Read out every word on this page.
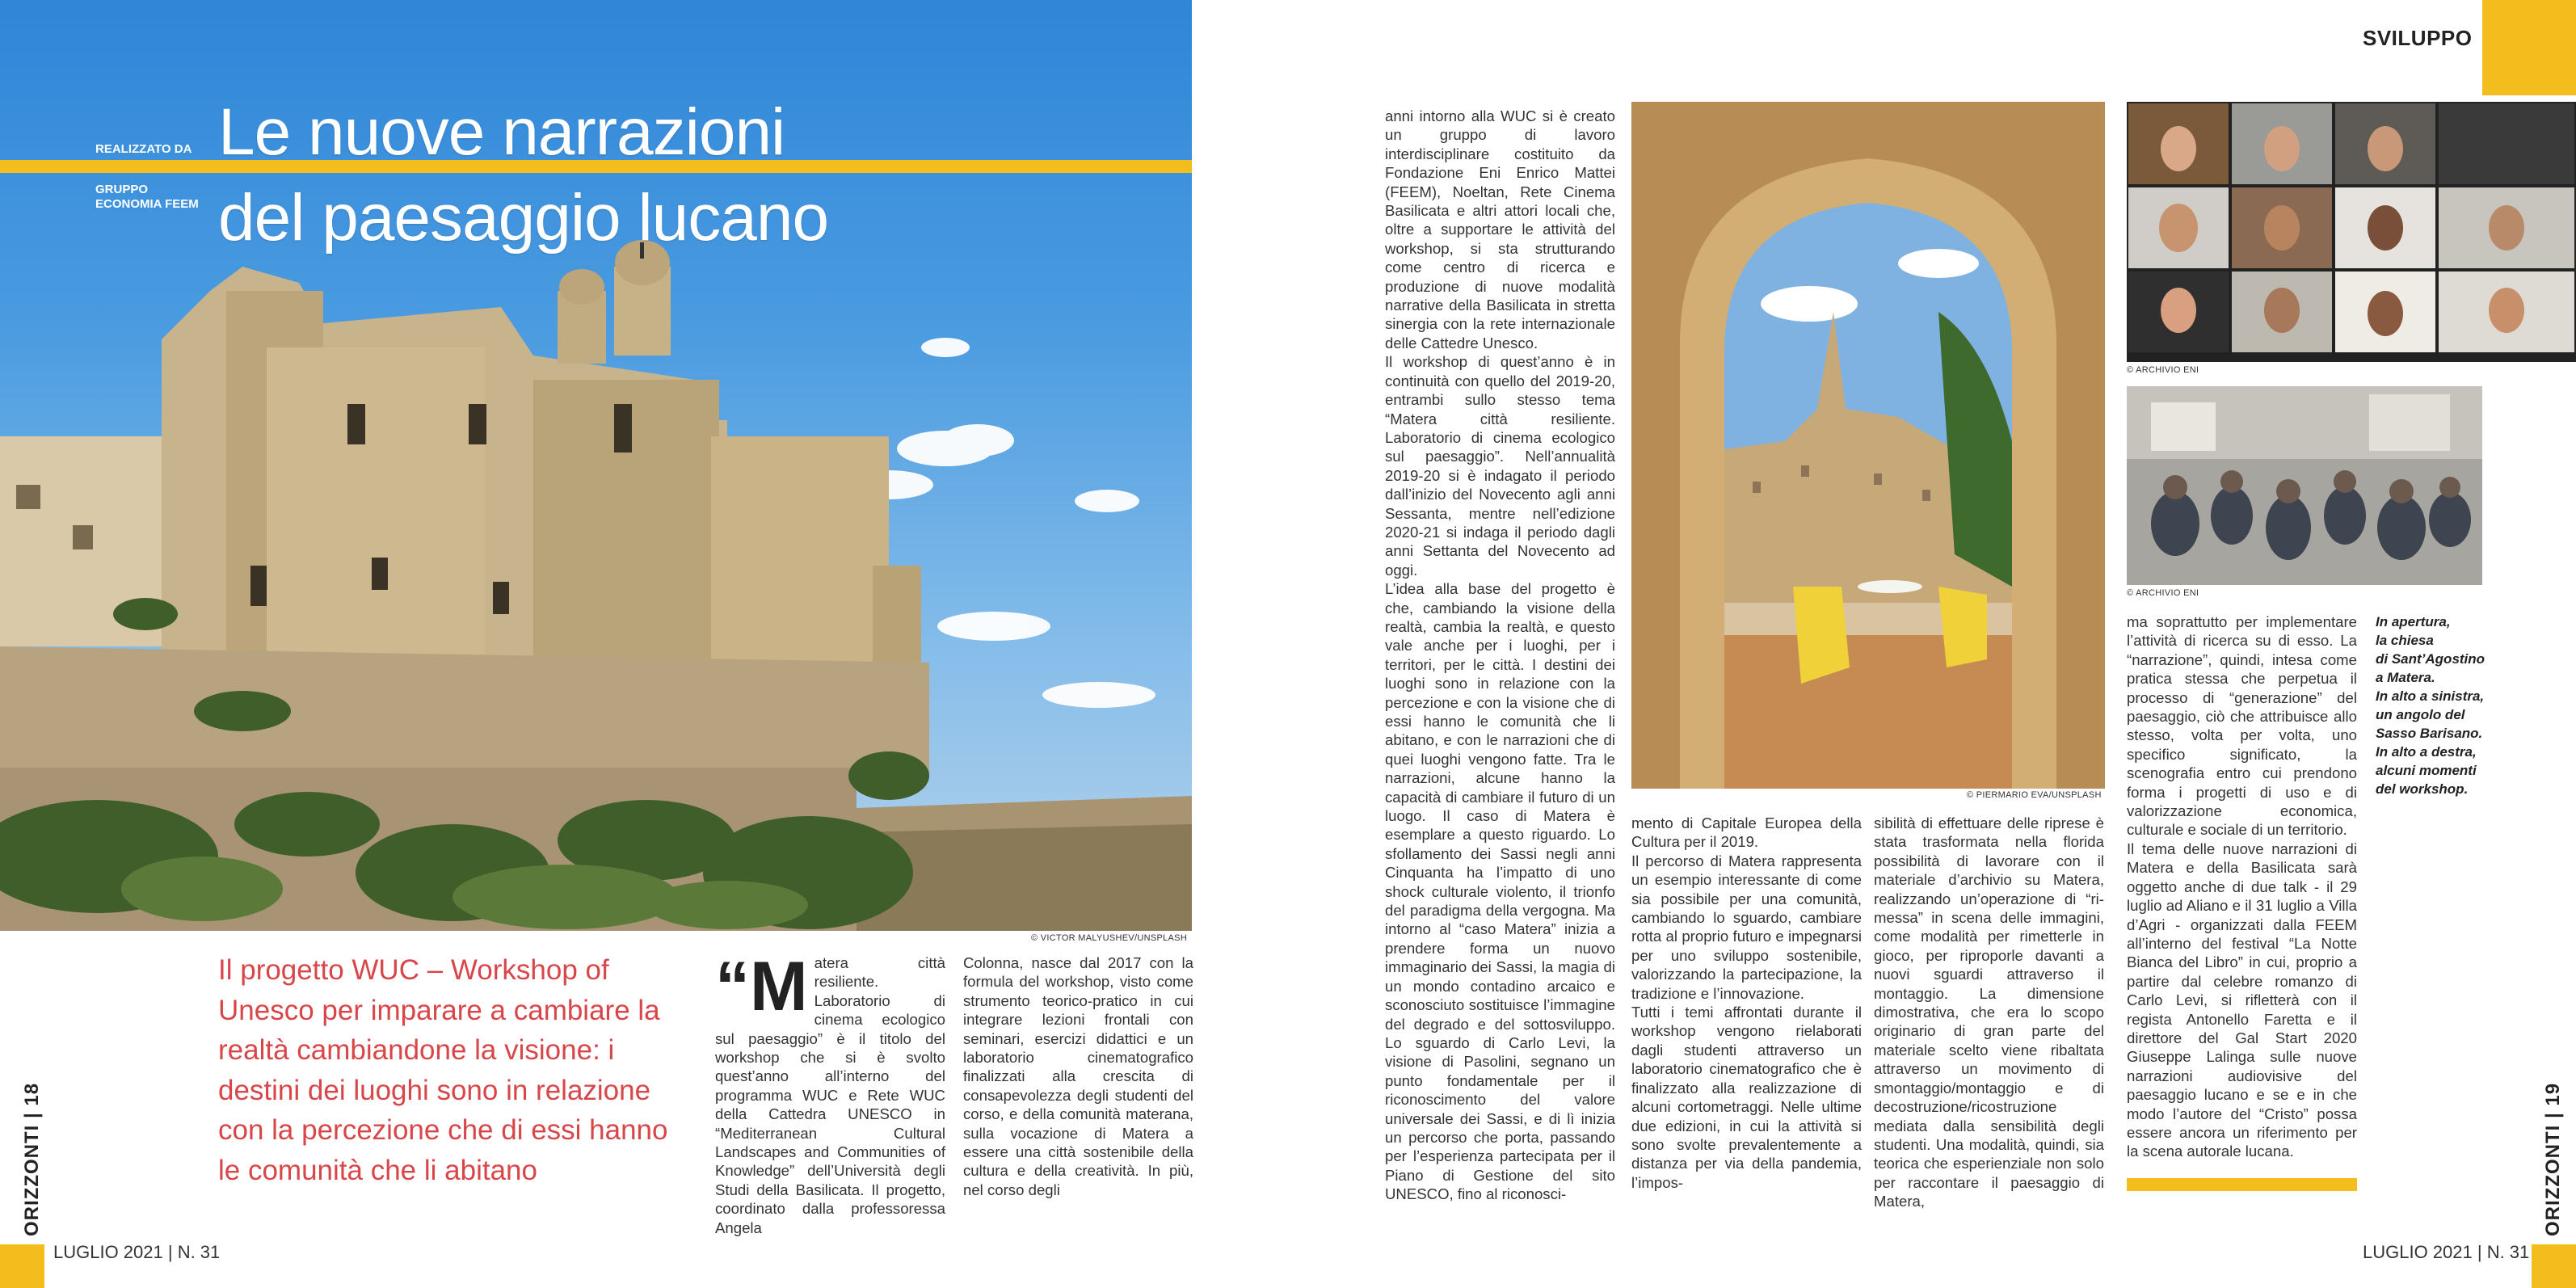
© VICTOR MALYUSHEV/UNSPLASH
REALIZZATO DA
GRUPPO
ECONOMIA FEEM
Le nuove narrazioni
del paesaggio lucano
Il progetto WUC – Workshop of Unesco per imparare a cambiare la realtà cambiandone la visione: i destini dei luoghi sono in relazione con la percezione che di essi hanno le comunità che li abitano
“Matera città resiliente. Laboratorio di cinema ecologico sul paesaggio” è il titolo del workshop che si è svolto quest’anno all’interno del programma WUC e Rete WUC della Cattedra UNESCO in “Mediterranean Cultural Landscapes and Communities of Knowledge” dell’Università degli Studi della Basilicata. Il progetto, coordinato dalla professoressa Angela
Colonna, nasce dal 2017 con la formula del workshop, visto come strumento teorico-pratico in cui integrare lezioni frontali con seminari, esercizi didattici e un laboratorio cinematografico finalizzati alla crescita di consapevolezza degli studenti del corso, e della comunità materana, sulla vocazione di Matera a essere una città sostenibile della cultura e della creatività. In più, nel corso degli
ORIZZONTI | 18
LUGLIO 2021 | N. 31
SVILUPPO
anni intorno alla WUC si è creato un gruppo di lavoro interdisciplinare costituito da Fondazione Eni Enrico Mattei (FEEM), Noeltan, Rete Cinema Basilicata e altri attori locali che, oltre a supportare le attività del workshop, si sta strutturando come centro di ricerca e produzione di nuove modalità narrative della Basilicata in stretta sinergia con la rete internazionale delle Cattedre Unesco.
Il workshop di quest’anno è in continuità con quello del 2019-20, entrambi sullo stesso tema “Matera città resiliente. Laboratorio di cinema ecologico sul paesaggio”. Nell’annualità 2019-20 si è indagato il periodo dall’inizio del Novecento agli anni Sessanta, mentre nell’edizione 2020-21 si indaga il periodo dagli anni Settanta del Novecento ad oggi.
L’idea alla base del progetto è che, cambiando la visione della realtà, cambia la realtà, e questo vale anche per i luoghi, per i territori, per le città. I destini dei luoghi sono in relazione con la percezione e con la visione che di essi hanno le comunità che li abitano, e con le narrazioni che di quei luoghi vengono fatte. Tra le narrazioni, alcune hanno la capacità di cambiare il futuro di un luogo. Il caso di Matera è esemplare a questo riguardo. Lo sfollamento dei Sassi negli anni Cinquanta ha l’impatto di uno shock culturale violento, il trionfo del paradigma della vergogna. Ma intorno al “caso Matera” inizia a prendere forma un nuovo immaginario dei Sassi, la magia di un mondo contadino arcaico e sconosciuto sostituisce l’immagine del degrado e del sottosviluppo. Lo sguardo di Carlo Levi, la visione di Pasolini, segnano un punto fondamentale per il riconoscimento del valore universale dei Sassi, e di lì inizia un percorso che porta, passando per l’esperienza partecipata per il Piano di Gestione del sito UNESCO, fino al riconosci-
© PIERMARIO EVA/UNSPLASH
mento di Capitale Europea della Cultura per il 2019.
Il percorso di Matera rappresenta un esempio interessante di come sia possibile per una comunità, cambiando lo sguardo, cambiare rotta al proprio futuro e impegnarsi per uno sviluppo sostenibile, valorizzando la partecipazione, la tradizione e l’innovazione.
Tutti i temi affrontati durante il workshop vengono rielaborati dagli studenti attraverso un laboratorio cinematografico che è finalizzato alla realizzazione di alcuni cortometraggi. Nelle ultime due edizioni, in cui la attività si sono svolte prevalentemente a distanza per via della pandemia, l’impos-
sibilità di effettuare delle riprese è stata trasformata nella florida possibilità di lavorare con il materiale d’archivio su Matera, realizzando un’operazione di “ri-messa” in scena delle immagini, come modalità per rimetterle in gioco, per riproporle davanti a nuovi sguardi attraverso il montaggio. La dimensione dimostrativa, che era lo scopo originario di gran parte del materiale scelto viene ribaltata attraverso un movimento di smontaggio/montaggio e di decostruzione/ricostruzione mediata dalla sensibilità degli studenti. Una modalità, quindi, sia teorica che esperienziale non solo per raccontare il paesaggio di Matera,
© ARCHIVIO ENI
© ARCHIVIO ENI
ma soprattutto per implementare l’attività di ricerca su di esso. La “narrazione”, quindi, intesa come pratica stessa che perpetua il processo di “generazione” del paesaggio, ciò che attribuisce allo stesso, volta per volta, uno specifico significato, la scenografia entro cui prendono forma i progetti di uso e di valorizzazione economica, culturale e sociale di un territorio.
Il tema delle nuove narrazioni di Matera e della Basilicata sarà oggetto anche di due talk - il 29 luglio ad Aliano e il 31 luglio a Villa d’Agri - organizzati dalla FEEM all’interno del festival “La Notte Bianca del Libro” in cui, proprio a partire dal celebre romanzo di Carlo Levi, si rifletterà con il regista Antonello Faretta e il direttore del Gal Start 2020 Giuseppe Lalinga sulle nuove narrazioni audiovisive del paesaggio lucano e se e in che modo l’autore del “Cristo” possa essere ancora un riferimento per la scena autorale lucana.
In apertura,
la chiesa
di Sant’Agostino
a Matera.
In alto a sinistra,
un angolo del
Sasso Barisano.
In alto a destra,
alcuni momenti
del workshop.
ORIZZONTI | 19
LUGLIO 2021 | N. 31
